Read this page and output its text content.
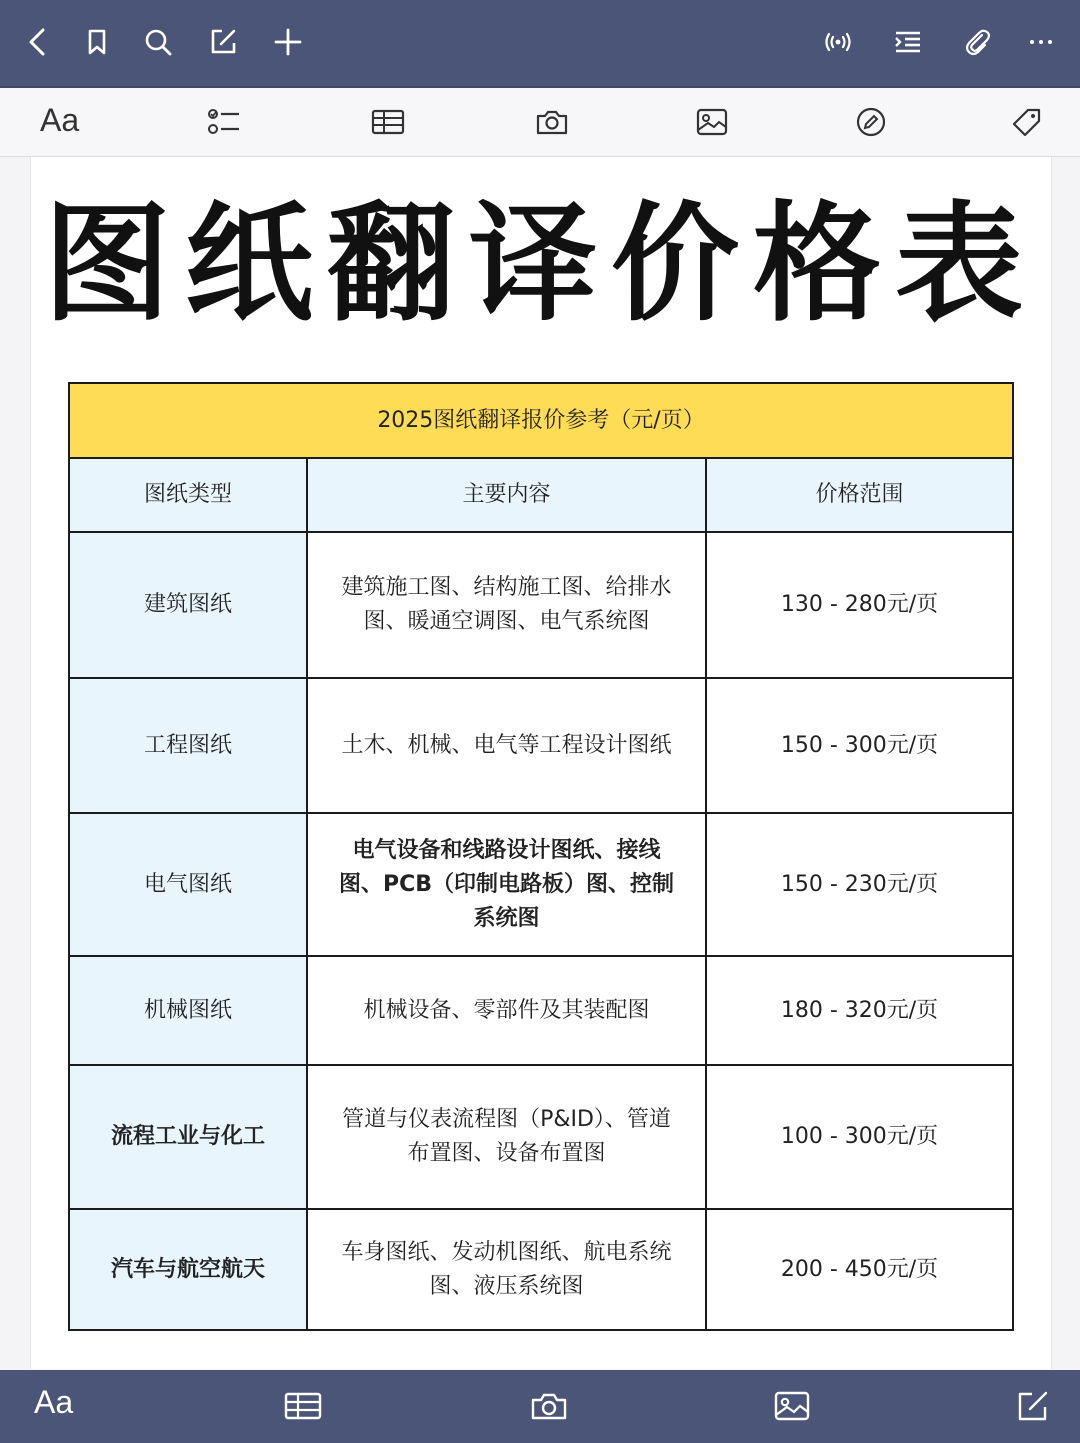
Aa
图纸翻译价格表
2025图纸翻译报价参考（元/页）		
图纸类型	主要内容	价格范围
建筑图纸	建筑施工图、结构施工图、给排水图、暖通空调图、电气系统图	130 - 280元/页
工程图纸	土木、机械、电气等工程设计图纸	150 - 300元/页
电气图纸	电气设备和线路设计图纸、接线图、PCB（印制电路板）图、控制系统图	150 - 230元/页
机械图纸	机械设备、零部件及其装配图	180 - 320元/页
流程工业与化工	管道与仪表流程图（P&ID）、管道布置图、设备布置图	100 - 300元/页
汽车与航空航天	车身图纸、发动机图纸、航电系统图、液压系统图	200 - 450元/页
Aa
